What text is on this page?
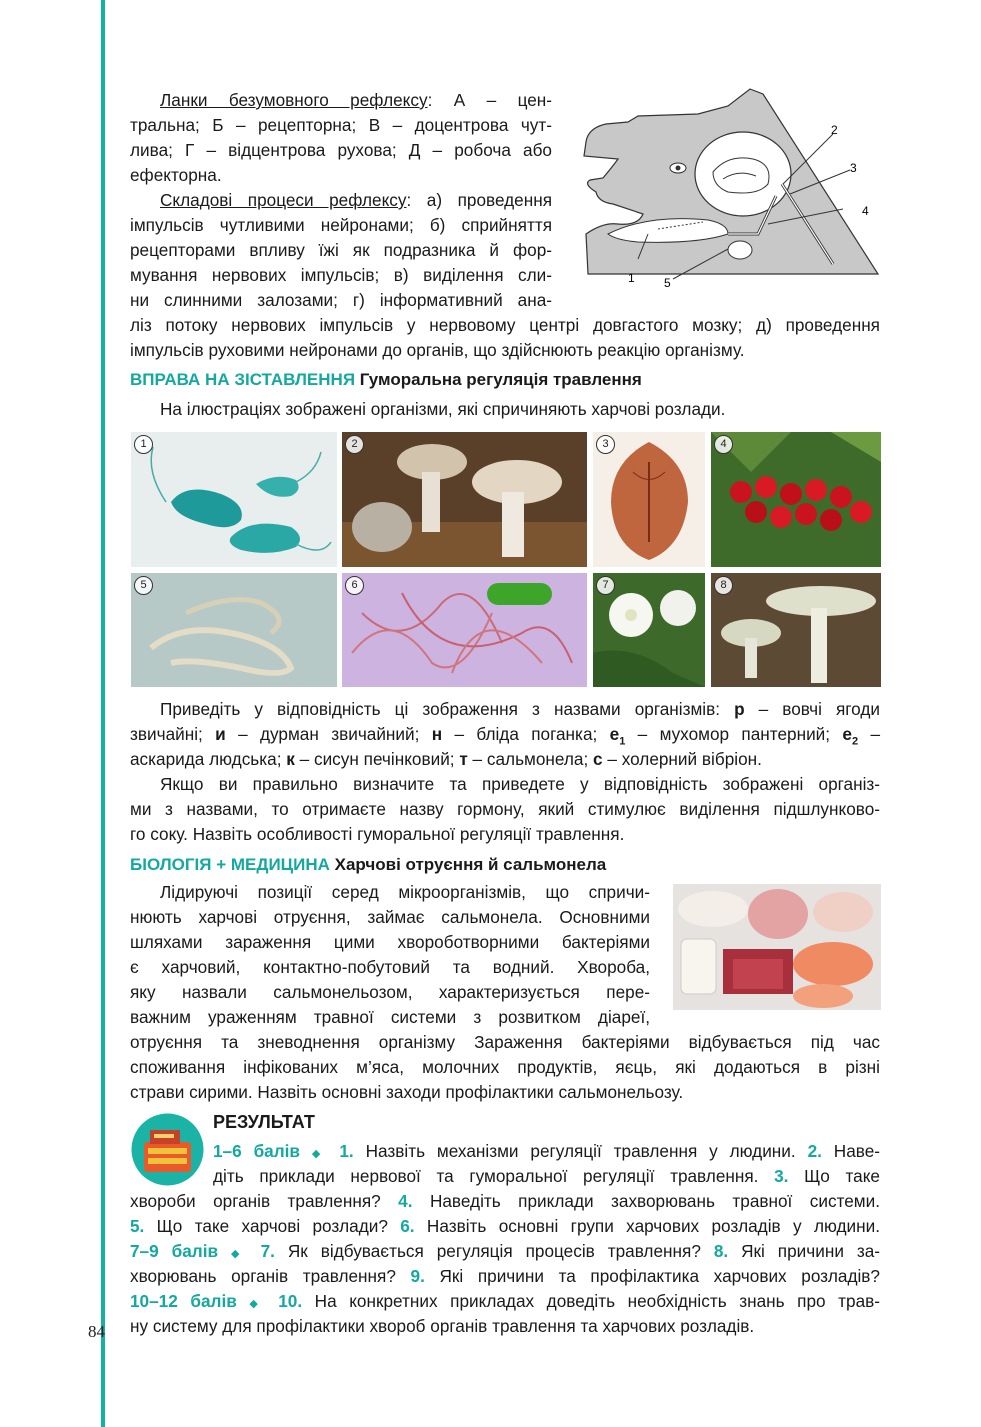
Ланки безумовного рефлексу: А – цен-
тральна; Б – рецепторна; В – доцентрова чут-
лива; Г – відцентрова рухова; Д – робоча або
ефекторна.
Складові процеси рефлексу: а) проведення
імпульсів чутливими нейронами; б) сприйняття
рецепторами впливу їжі як подразника й фор-
мування нервових імпульсів; в) виділення сли-
ни слинними залозами; г) інформативний ана-
ліз потоку нервових імпульсів у нервовому центрі довгастого мозку; д) проведення
імпульсів руховими нейронами до органів, що здійснюють реакцію організму.
2
3
4
1 5
ВПРАВА НА ЗІСТАВЛЕННЯ Гуморальна регуляція травлення
На ілюстраціях зображені організми, які спричиняють харчові розлади.
1	2	3	4
5	6	7	8
Приведіть у відповідність ці зображення з назвами організмів: р – вовчі ягоди
звичайні; и – дурман звичайний; н – бліда поганка; $е_1$ – мухомор пантерний; $е_2$ –
аскарида людська; к – сисун печінковий; т – сальмонела; с – холерний вібріон.
Якщо ви правильно визначите та приведете у відповідність зображені організ-
ми з назвами, то отримаєте назву гормону, який стимулює виділення підшлунково-
го соку. Назвіть особливості гуморальної регуляції травлення.
БІОЛОГІЯ + МЕДИЦИНА Харчові отруєння й сальмонела
Лідируючі позиції серед мікроорганізмів, що спричи-
нюють харчові отруєння, займає сальмонела. Основними
шляхами зараження цими хвороботворними бактеріями
є харчовий, контактно-побутовий та водний. Хвороба,
яку назвали сальмонельозом, характеризується пере-
важним ураженням травної системи з розвитком діареї,
отруєння та зневоднення організму Зараження бактеріями відбувається під час
споживання інфікованих м’яса, молочних продуктів, яєць, які додаються в різні
страви сирими. Назвіть основні заходи профілактики сальмонельозу.
РЕЗУЛЬТАТ
1–6 балів ◆ 1. Назвіть механізми регуляції травлення у людини. 2. Наве-
діть приклади нервової та гуморальної регуляції травлення. 3. Що таке
хвороби органів травлення? 4. Наведіть приклади захворювань травної системи.
5. Що таке харчові розлади? 6. Назвіть основні групи харчових розладів у людини.
7–9 балів ◆ 7. Як відбувається регуляція процесів травлення? 8. Які причини за-
хворювань органів травлення? 9. Які причини та профілактика харчових розладів?
10–12 балів ◆ 10. На конкретних прикладах доведіть необхідність знань про трав-
ну систему для профілактики хвороб органів травлення та харчових розладів.
84
